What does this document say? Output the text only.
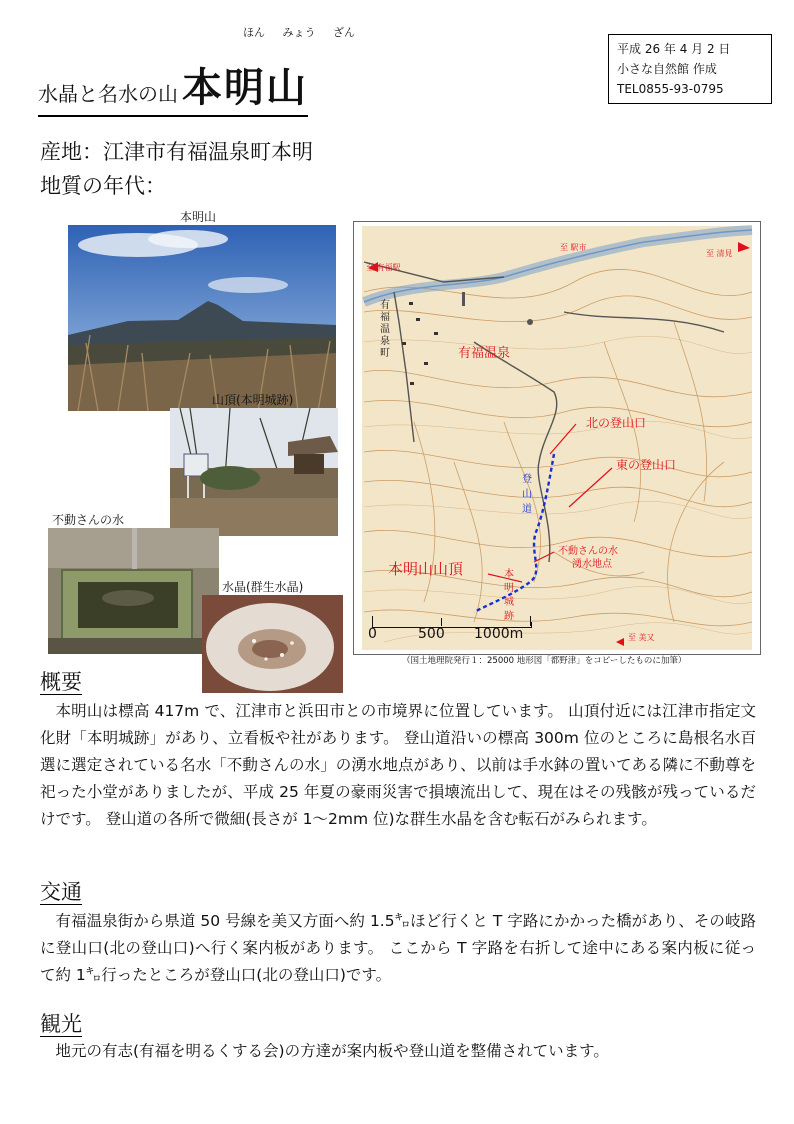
ほん みょう ざん
水晶と名水の山 本明山
平成 26 年 4 月 2 日
小さな自然館 作成
TEL0855-93-0795
産地：江津市有福温泉町本明
地質の年代：
本明山
山頂(本明城跡)
不動さんの水
水晶(群生水晶)
有福温泉
有福温泉町
北の登山口
東の登山口
不動さんの水
湧水地点
本明山山頂	本明城跡
登山道
至 有福駅
至 駅市
至 清見
至 美又
0	500 1000m
（国土地理院発行１：25000 地形図「都野津」をコピーしたものに加筆）
概要
本明山は標高 417m で、江津市と浜田市との市境界に位置しています。 山頂付近には江津市指定文化財「本明城跡」があり、立看板や社があります。 登山道沿いの標高 300m 位のところに島根名水百選に選定されている名水「不動さんの水」の湧水地点があり、以前は手水鉢の置いてある隣に不動尊を祀った小堂がありましたが、平成 25 年夏の豪雨災害で損壊流出して、現在はその残骸が残っているだけです。 登山道の各所で微細(長さが 1～2mm 位)な群生水晶を含む転石がみられます。
交通
有福温泉街から県道 50 号線を美又方面へ約 1.5㌔ほど行くと T 字路にかかった橋があり、その岐路に登山口(北の登山口)へ行く案内板があります。 ここから T 字路を右折して途中にある案内板に従って約 1㌔行ったところが登山口(北の登山口)です。
観光
地元の有志(有福を明るくする会)の方達が案内板や登山道を整備されています。
